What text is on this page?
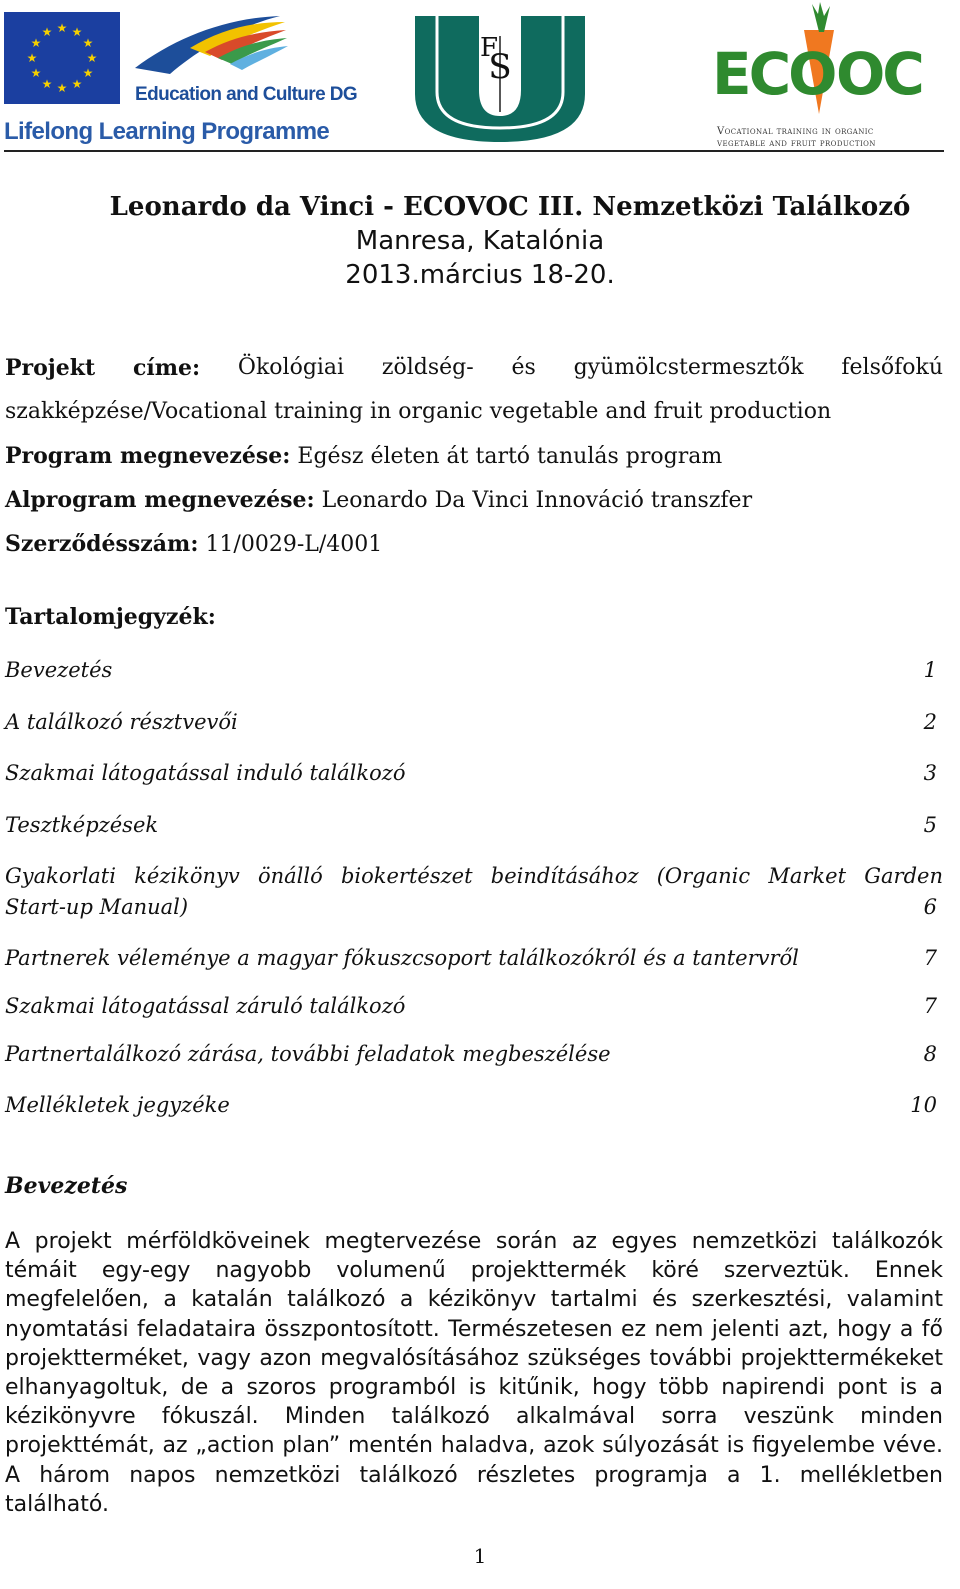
★ ★
★
★
★
★
★
★
★
★
★
★
Education and Culture DG
Lifelong Learning Programme
S
F	ECO OC
Vocational training in organic
vegetable and fruit production
Leonardo da Vinci - ECOVOC III. Nemzetközi Találkozó
Manresa, Katalónia
2013.március 18-20.
Projekt címe: Ökológiai zöldség- és gyümölcstermesztők felsőfokú
szakképzése/Vocational training in organic vegetable and fruit production
Program megnevezése: Egész életen át tartó tanulás program
Alprogram megnevezése: Leonardo Da Vinci Innováció transzfer
Szerződésszám: 11/0029-L/4001
Tartalomjegyzék:
Bevezetés	1
A találkozó résztvevői	2
Szakmai látogatással induló találkozó	3
Tesztképzések	5
Gyakorlati kézikönyv önálló biokertészet beindításához (Organic Market Garden
Start-up Manual)	6
Partnerek véleménye a magyar fókuszcsoport találkozókról és a tantervről	7
Szakmai látogatással záruló találkozó	7
Partnertalálkozó zárása, további feladatok megbeszélése	8
Mellékletek jegyzéke	10
Bevezetés
A projekt mérföldköveinek megtervezése során az egyes nemzetközi találkozók témáit egy-egy nagyobb volumenű projekttermék köré szerveztük. Ennek megfelelően, a katalán találkozó a kézikönyv tartalmi és szerkesztési, valamint nyomtatási feladataira összpontosított. Természetesen ez nem jelenti azt, hogy a fő projektterméket, vagy azon megvalósításához szükséges további projekttermékeket elhanyagoltuk, de a szoros programból is kitűnik, hogy több napirendi pont is a kézikönyvre fókuszál. Minden találkozó alkalmával sorra veszünk minden projekttémát, az „action plan” mentén haladva, azok súlyozását is figyelembe véve. A három napos nemzetközi találkozó részletes programja a 1. mellékletben található.
1
